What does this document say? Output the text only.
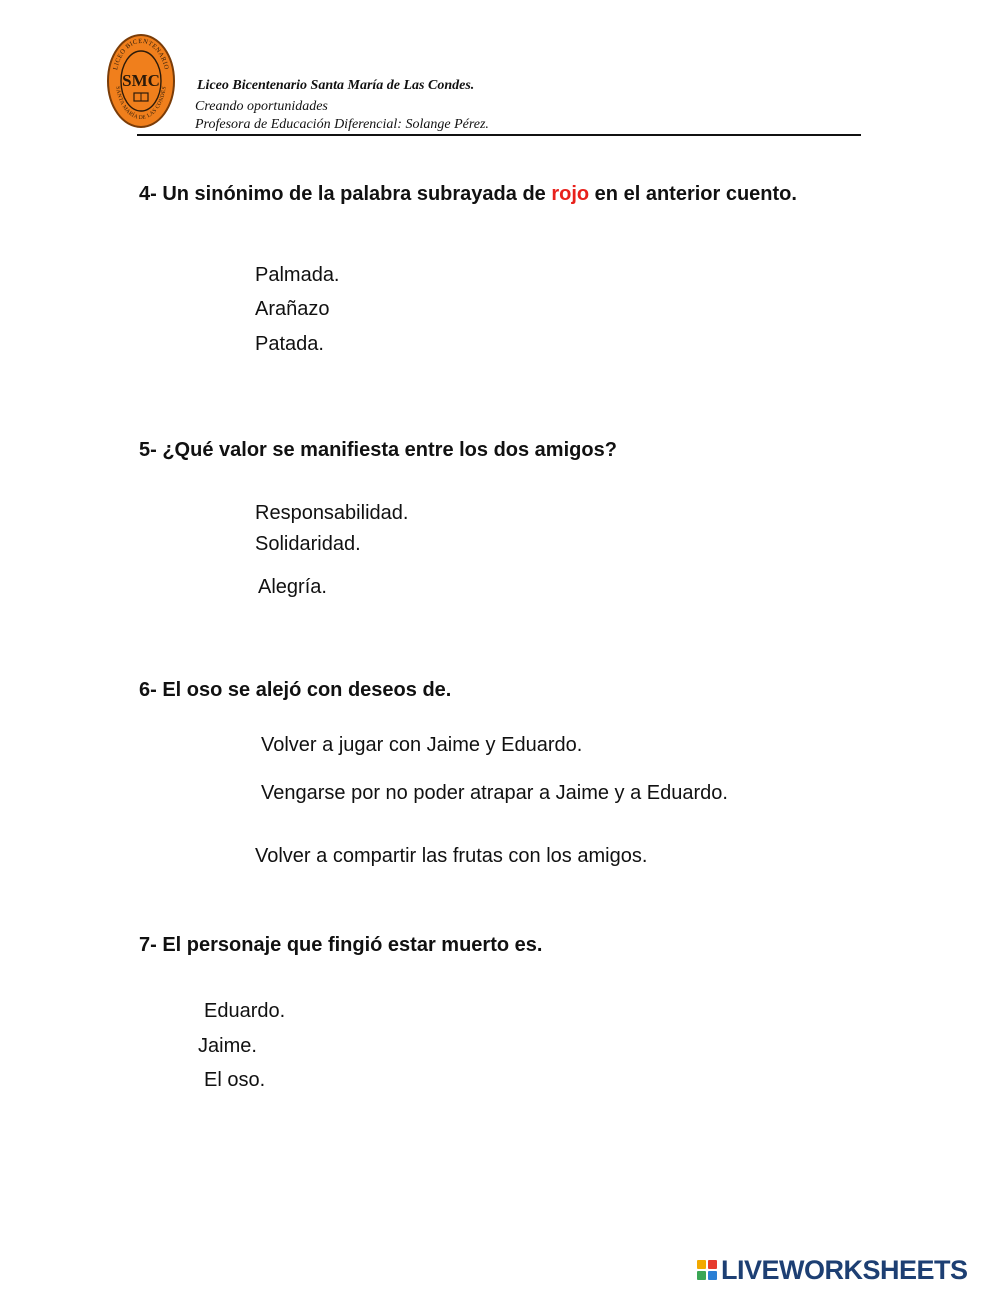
LICEO BICENTENARIO
SANTA MARÍA DE LAS CONDES
SMC	Liceo Bicentenario Santa María de Las Condes.
Creando oportunidades
Profesora de Educación Diferencial: Solange Pérez.
4- Un sinónimo de la palabra subrayada de rojo en el anterior cuento.
Palmada.
Arañazo
Patada.
5- ¿Qué valor se manifiesta entre los dos amigos?
Responsabilidad.
Solidaridad.
Alegría.
6- El oso se alejó con deseos de.
Volver a jugar con Jaime y Eduardo.
Vengarse por no poder atrapar a Jaime y a Eduardo.
Volver a compartir las frutas con los amigos.
7- El personaje que fingió estar muerto es.
Eduardo.
Jaime.
El oso.
LIVEWORKSHEETS
